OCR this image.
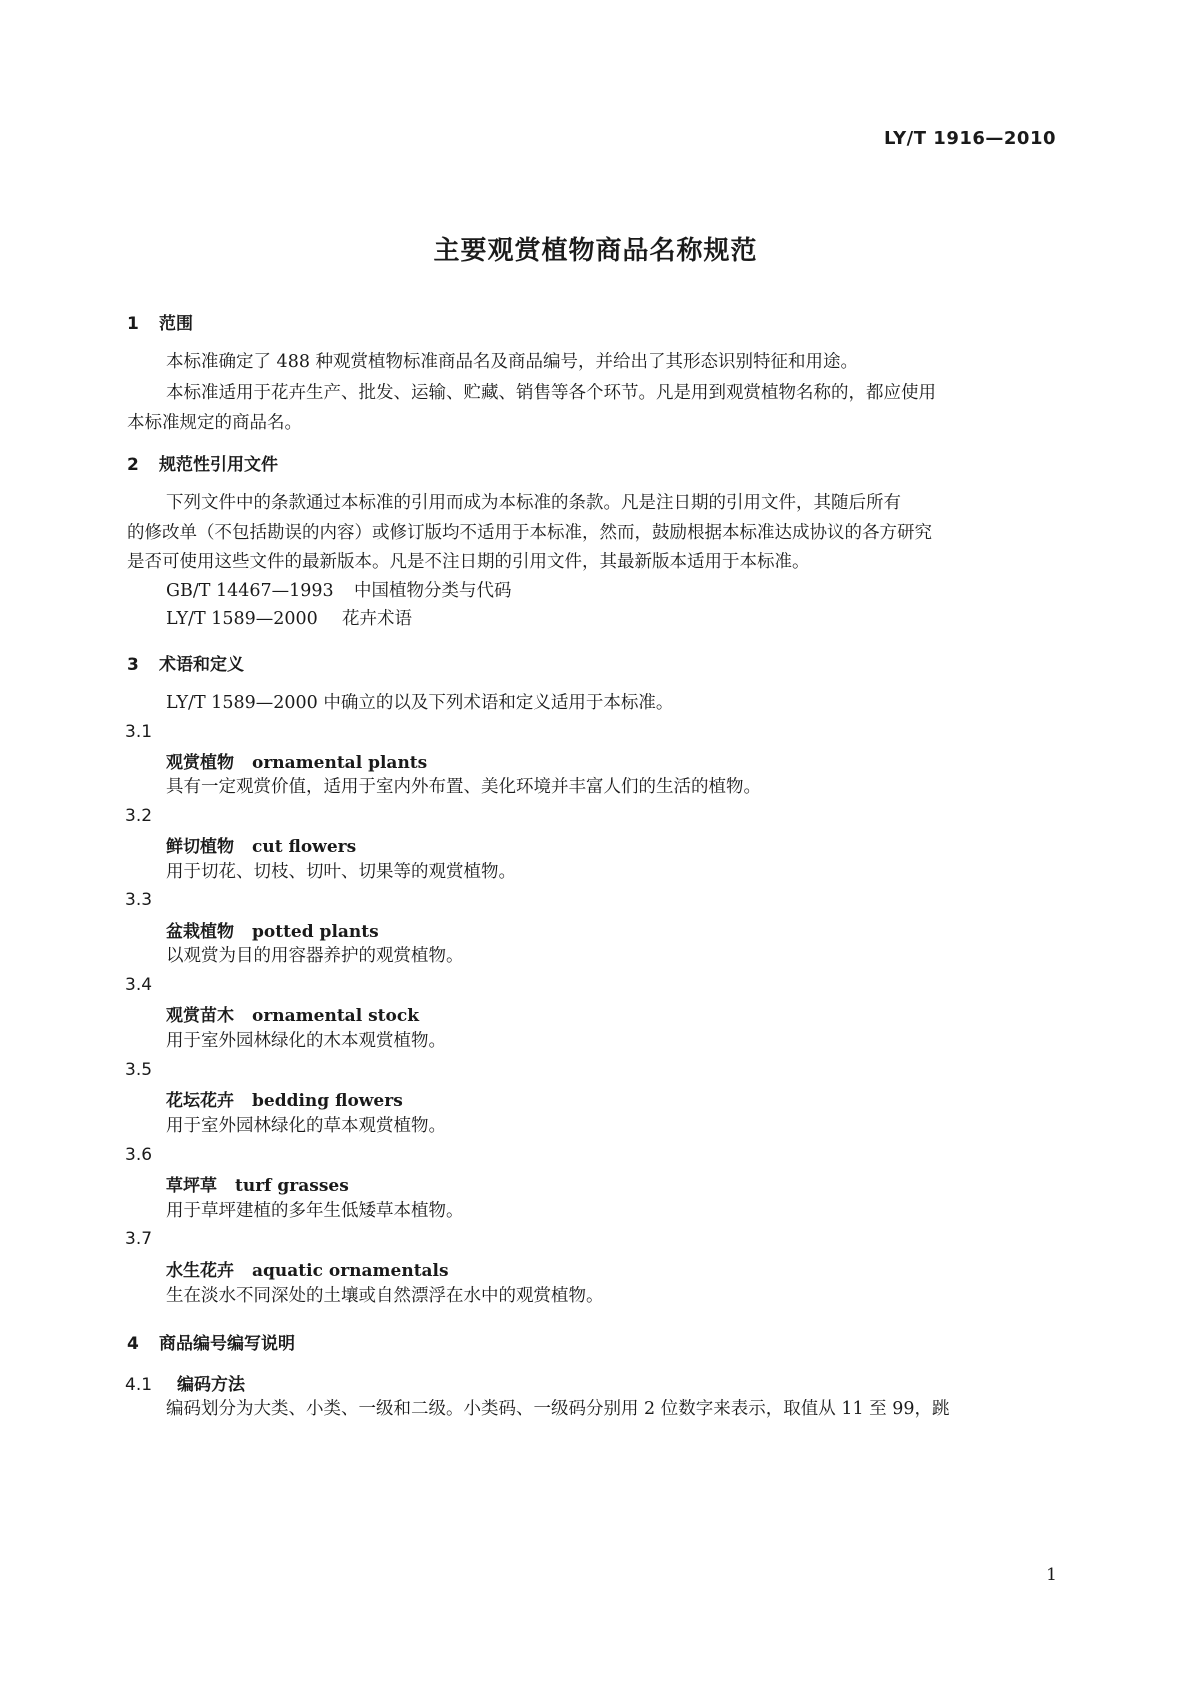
LY/T 1916—2010
主要观赏植物商品名称规范
1 范围
本标准确定了 488 种观赏植物标准商品名及商品编号，并给出了其形态识别特征和用途。
本标准适用于花卉生产、批发、运输、贮藏、销售等各个环节。凡是用到观赏植物名称的，都应使用
本标准规定的商品名。
2 规范性引用文件
下列文件中的条款通过本标准的引用而成为本标准的条款。凡是注日期的引用文件，其随后所有
的修改单（不包括勘误的内容）或修订版均不适用于本标准，然而，鼓励根据本标准达成协议的各方研究
是否可使用这些文件的最新版本。凡是不注日期的引用文件，其最新版本适用于本标准。
GB/T 14467—1993 中国植物分类与代码
LY/T 1589—2000 花卉术语
3 术语和定义
LY/T 1589—2000 中确立的以及下列术语和定义适用于本标准。
3.1
观赏植物 ornamental plants
具有一定观赏价值，适用于室内外布置、美化环境并丰富人们的生活的植物。
3.2
鲜切植物 cut flowers
用于切花、切枝、切叶、切果等的观赏植物。
3.3
盆栽植物 potted plants
以观赏为目的用容器养护的观赏植物。
3.4
观赏苗木 ornamental stock
用于室外园林绿化的木本观赏植物。
3.5
花坛花卉 bedding flowers
用于室外园林绿化的草本观赏植物。
3.6
草坪草 turf grasses
用于草坪建植的多年生低矮草本植物。
3.7
水生花卉 aquatic ornamentals
生在淡水不同深处的土壤或自然漂浮在水中的观赏植物。
4 商品编号编写说明
4.1 编码方法
编码划分为大类、小类、一级和二级。小类码、一级码分别用 2 位数字来表示，取值从 11 至 99，跳
1
